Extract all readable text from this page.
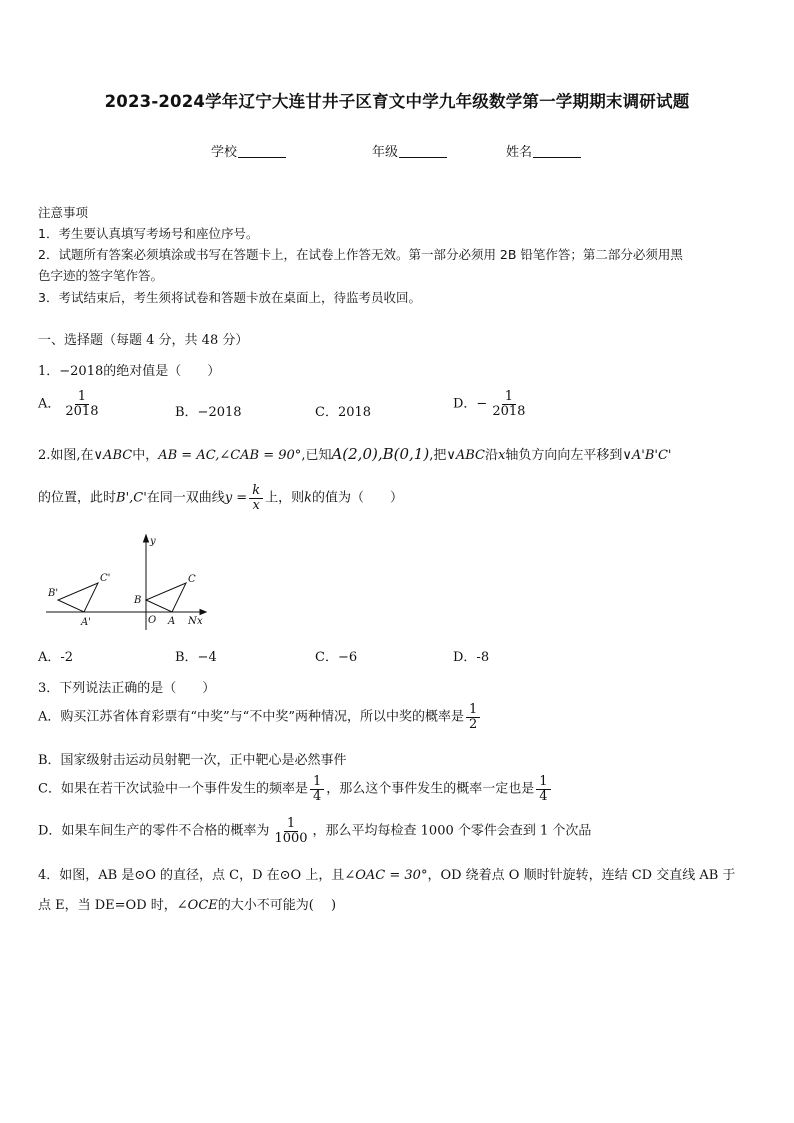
2023-2024学年辽宁大连甘井子区育文中学九年级数学第一学期期末调研试题
学校	年级	姓名
注意事项
1．考生要认真填写考场号和座位序号。
2．试题所有答案必须填涂或书写在答题卡上，在试卷上作答无效。第一部分必须用 2B 铅笔作答；第二部分必须用黑
色字迹的签字笔作答。
3．考试结束后，考生须将试卷和答题卡放在桌面上，待监考员收回。
一、选择题（每题 4 分，共 48 分）
1．−2018的绝对值是（　　）
A． $\frac{1}{2018}$	B．−2018	C．2018
D．− $\frac{1}{2018}$
2.如图,在∨ABC中，AB = AC,∠CAB = 90°,已知A(2,0),B(0,1),把∨ABC沿x轴负方向向左平移到∨A'B'C'
的位置，此时B',C'在同一双曲线$y = \frac{k}{x}$ 上，则k的值为（　　）
y
x
N
O A
B
C
A'
B'
C'
A．-2	B．−4	C．−6	D．-8
3．下列说法正确的是（　　）
A．购买江苏省体育彩票有“中奖”与“不中奖”两种情况，所以中奖的概率是 $\frac{1}{2}$
B．国家级射击运动员射靶一次，正中靶心是必然事件
C．如果在若干次试验中一个事件发生的频率是 $\frac{1}{4}$ ，那么这个事件发生的概率一定也是 $\frac{1}{4}$
D．如果车间生产的零件不合格的概率为 $\frac{1}{1000}$ ，那么平均每检查 1000 个零件会查到 1 个次品
4．如图，AB 是⊙O 的直径，点 C，D 在⊙O 上，且∠OAC = 30°，OD 绕着点 O 顺时针旋转，连结 CD 交直线 AB 于
点 E，当 DE=OD 时，∠OCE的大小不可能为(　 )
